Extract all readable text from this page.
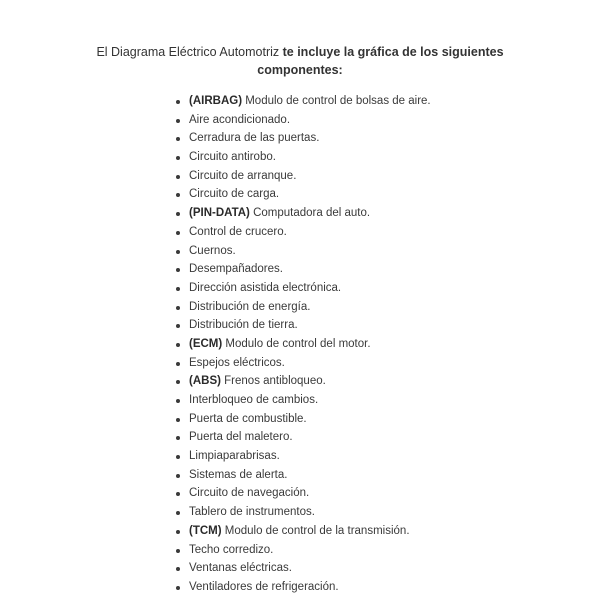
El Diagrama Eléctrico Automotriz te incluye la gráfica de los siguientes
componentes:
(AIRBAG) Modulo de control de bolsas de aire.
Aire acondicionado.
Cerradura de las puertas.
Circuito antirobo.
Circuito de arranque.
Circuito de carga.
(PIN-DATA) Computadora del auto.
Control de crucero.
Cuernos.
Desempañadores.
Dirección asistida electrónica.
Distribución de energía.
Distribución de tierra.
(ECM) Modulo de control del motor.
Espejos eléctricos.
(ABS) Frenos antibloqueo.
Interbloqueo de cambios.
Puerta de combustible.
Puerta del maletero.
Limpiaparabrisas.
Sistemas de alerta.
Circuito de navegación.
Tablero de instrumentos.
(TCM) Modulo de control de la transmisión.
Techo corredizo.
Ventanas eléctricas.
Ventiladores de refrigeración.
